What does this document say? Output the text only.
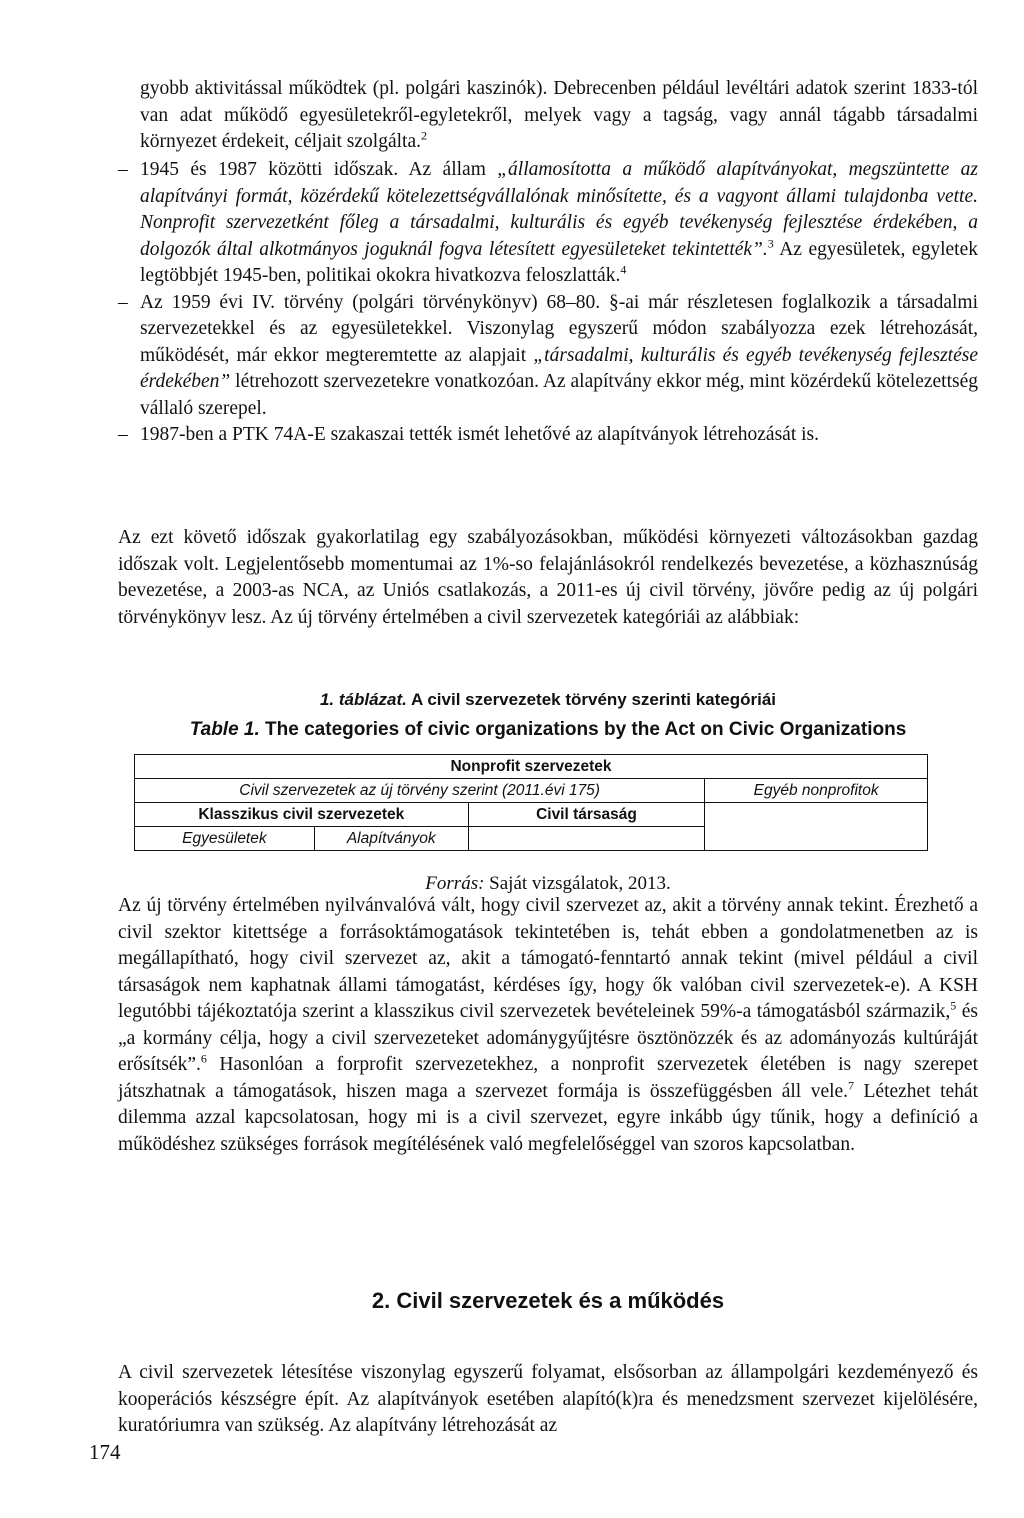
gyobb aktivitással működtek (pl. polgári kaszinók). Debrecenben például levéltári adatok szerint 1833-tól van adat működő egyesületekről-egyletekről, melyek vagy a tagság, vagy annál tágabb társadalmi környezet érdekeit, céljait szolgálta.$^2$
– 1945 és 1987 közötti időszak. Az állam „államosította a működő alapítványokat, megszüntette az alapítványi formát, közérdekű kötelezettségvállalónak minősítette, és a vagyont állami tulajdonba vette. Nonprofit szervezetként főleg a társadalmi, kulturális és egyéb tevékenység fejlesztése érdekében, a dolgozók által alkotmányos joguknál fogva létesített egyesületeket tekintették”.$^3$ Az egyesületek, egyletek legtöbbjét 1945-ben, politikai okokra hivatkozva feloszlatták.$^4$
– Az 1959 évi IV. törvény (polgári törvénykönyv) 68–80. §-ai már részletesen foglalkozik a társadalmi szervezetekkel és az egyesületekkel. Viszonylag egyszerű módon szabályozza ezek létrehozását, működését, már ekkor megteremtette az alapjait „társadalmi, kulturális és egyéb tevékenység fejlesztése érdekében” létrehozott szervezetekre vonatkozóan. Az alapítvány ekkor még, mint közérdekű kötelezettség vállaló szerepel.
– 1987-ben a PTK 74A-E szakaszai tették ismét lehetővé az alapítványok létrehozását is.
Az ezt követő időszak gyakorlatilag egy szabályozásokban, működési környezeti változásokban gazdag időszak volt. Legjelentősebb momentumai az 1%-so felajánlásokról rendelkezés bevezetése, a közhasznúság bevezetése, a 2003-as NCA, az Uniós csatlakozás, a 2011-es új civil törvény, jövőre pedig az új polgári törvénykönyv lesz. Az új törvény értelmében a civil szervezetek kategóriái az alábbiak:
1. táblázat. A civil szervezetek törvény szerinti kategóriái
Table 1. The categories of civic organizations by the Act on Civic Organizations
Nonprofit szervezetek			
Civil szervezetek az új törvény szerint (2011.évi 175)			Egyéb nonprofitok
Klasszikus civil szervezetek		Civil társaság	
Egyesületek	Alapítványok		
Forrás: Saját vizsgálatok, 2013.
Az új törvény értelmében nyilvánvalóvá vált, hogy civil szervezet az, akit a törvény annak tekint. Érezhető a civil szektor kitettsége a forrásoktámogatások tekintetében is, tehát ebben a gondolatmenetben az is megállapítható, hogy civil szervezet az, akit a támogató-fenntartó annak tekint (mivel például a civil társaságok nem kaphatnak állami támogatást, kérdéses így, hogy ők valóban civil szervezetek-e). A KSH legutóbbi tájékoztatója szerint a klasszikus civil szervezetek bevételeinek 59%-a támogatásból származik,$^5$ és „a kormány célja, hogy a civil szervezeteket adománygyűjtésre ösztönözzék és az adományozás kultúráját erősítsék”.$^6$ Hasonlóan a forprofit szervezetekhez, a nonprofit szervezetek életében is nagy szerepet játszhatnak a támogatások, hiszen maga a szervezet formája is összefüggésben áll vele.$^7$ Létezhet tehát dilemma azzal kapcsolatosan, hogy mi is a civil szervezet, egyre inkább úgy tűnik, hogy a definíció a működéshez szükséges források megítélésének való megfelelőséggel van szoros kapcsolatban.
2. Civil szervezetek és a működés
A civil szervezetek létesítése viszonylag egyszerű folyamat, elsősorban az állampolgári kezdeményező és kooperációs készségre épít. Az alapítványok esetében alapító(k)ra és menedzsment szervezet kijelölésére, kuratóriumra van szükség. Az alapítvány létrehozását az
174
